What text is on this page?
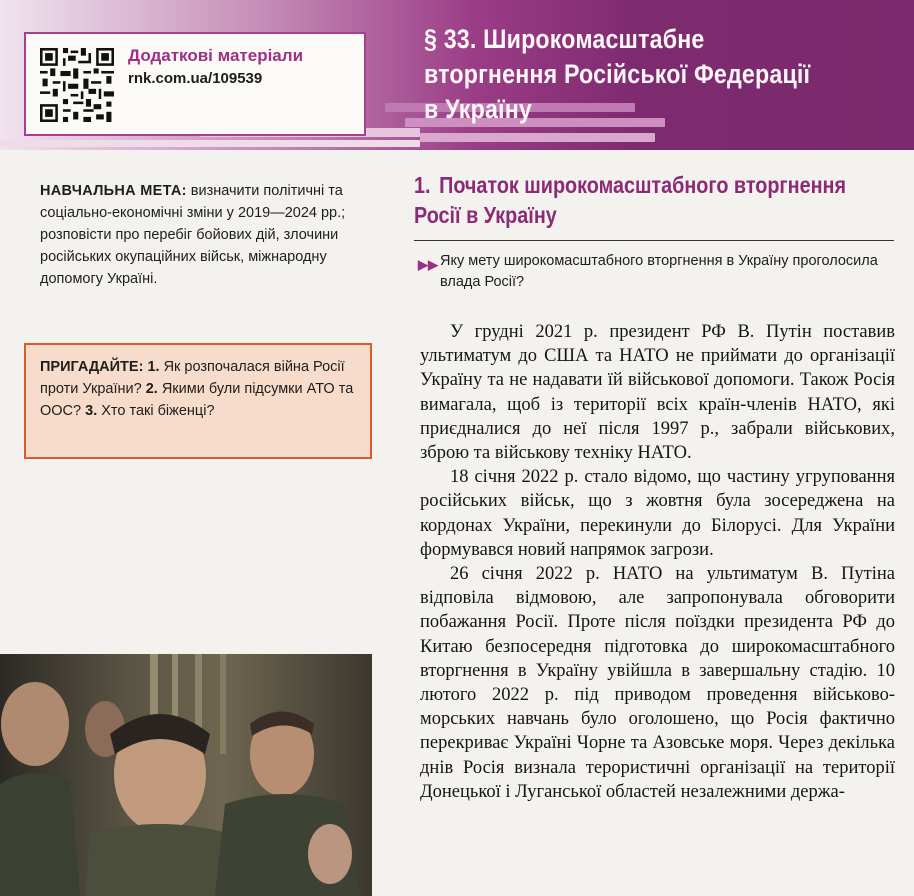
Додаткові матеріали
rnk.com.ua/109539
§ 33. Широкомасштабне вторгнення Російської Федерації в Україну
НАВЧАЛЬНА МЕТА: визначити політичні та соціально-економічні зміни у 2019—2024 рр.; розповісти про перебіг бойових дій, злочини російських окупаційних військ, міжнародну допомогу Україні.
ПРИГАДАЙТЕ: 1. Як розпочалася війна Росії проти України? 2. Якими були підсумки АТО та ООС? 3. Хто такі біженці?
1. Початок широкомасштабного вторгнення Росії в Україну
▶▶ Яку мету широкомасштабного вторгнення в Україну проголосила влада Росії?

У грудні 2021 р. президент РФ В. Путін поставив ультиматум до США та НАТО не приймати до організації Україну та не надавати їй військової допомоги. Також Росія вимагала, щоб із території всіх країн-членів НАТО, які приєдналися до неї після 1997 р., забрали військових, зброю та військову техніку НАТО.

18 січня 2022 р. стало відомо, що частину угруповання російських військ, що з жовтня була зосереджена на кордонах України, перекинули до Білорусі. Для України формувався новий напрямок загрози.

26 січня 2022 р. НАТО на ультиматум В. Путіна відповіла відмовою, але запропонувала обговорити побажання Росії. Проте після поїздки президента РФ до Китаю безпосередня підготовка до широкомасштабного вторгнення в Україну увійшла в завершальну стадію. 10 лютого 2022 р. під приводом проведення військово-морських навчань було оголошено, що Росія фактично перекриває Україні Чорне та Азовське моря. Через декілька днів Росія визнала терористичні організації на території Донецької і Луганської областей незалежними держа-
